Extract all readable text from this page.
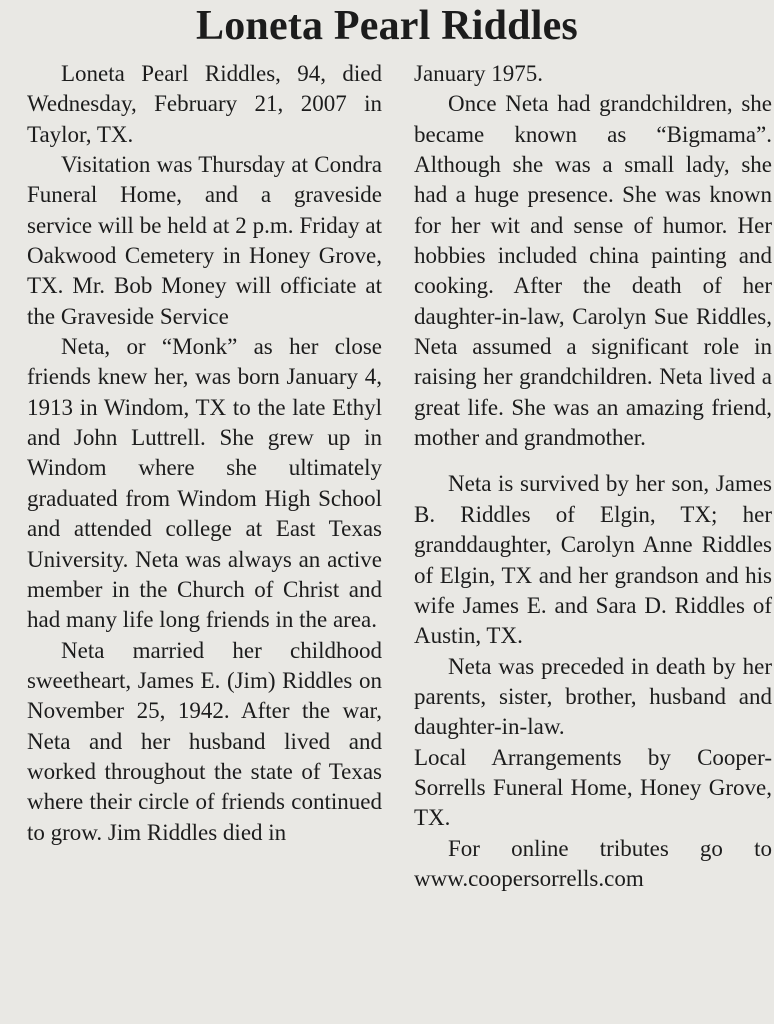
Loneta Pearl Riddles

Loneta Pearl Riddles, 94, died Wednesday, February 21, 2007 in Taylor, TX.

Visitation was Thursday at Condra Funeral Home, and a graveside service will be held at 2 p.m. Friday at Oakwood Cemetery in Honey Grove, TX. Mr. Bob Money will officiate at the Graveside Service

Neta, or “Monk” as her close friends knew her, was born January 4, 1913 in Windom, TX to the late Ethyl and John Luttrell. She grew up in Windom where she ultimately graduated from Windom High School and attended college at East Texas University. Neta was always an active member in the Church of Christ and had many life long friends in the area.

Neta married her childhood sweetheart, James E. (Jim) Riddles on November 25, 1942. After the war, Neta and her husband lived and worked throughout the state of Texas where their circle of friends continued to grow. Jim Riddles died in

January 1975.

Once Neta had grandchildren, she became known as “Bigmama”. Although she was a small lady, she had a huge presence. She was known for her wit and sense of humor. Her hobbies included china painting and cooking. After the death of her daughter-in-law, Carolyn Sue Riddles, Neta assumed a significant role in raising her grandchildren. Neta lived a great life. She was an amazing friend, mother and grandmother.

Neta is survived by her son, James B. Riddles of Elgin, TX; her granddaughter, Carolyn Anne Riddles of Elgin, TX and her grandson and his wife James E. and Sara D. Riddles of Austin, TX.

Neta was preceded in death by her parents, sister, brother, husband and daughter-in-law.

Local Arrangements by Cooper-Sorrells Funeral Home, Honey Grove, TX.

For online tributes go to www.coopersorrells.com
